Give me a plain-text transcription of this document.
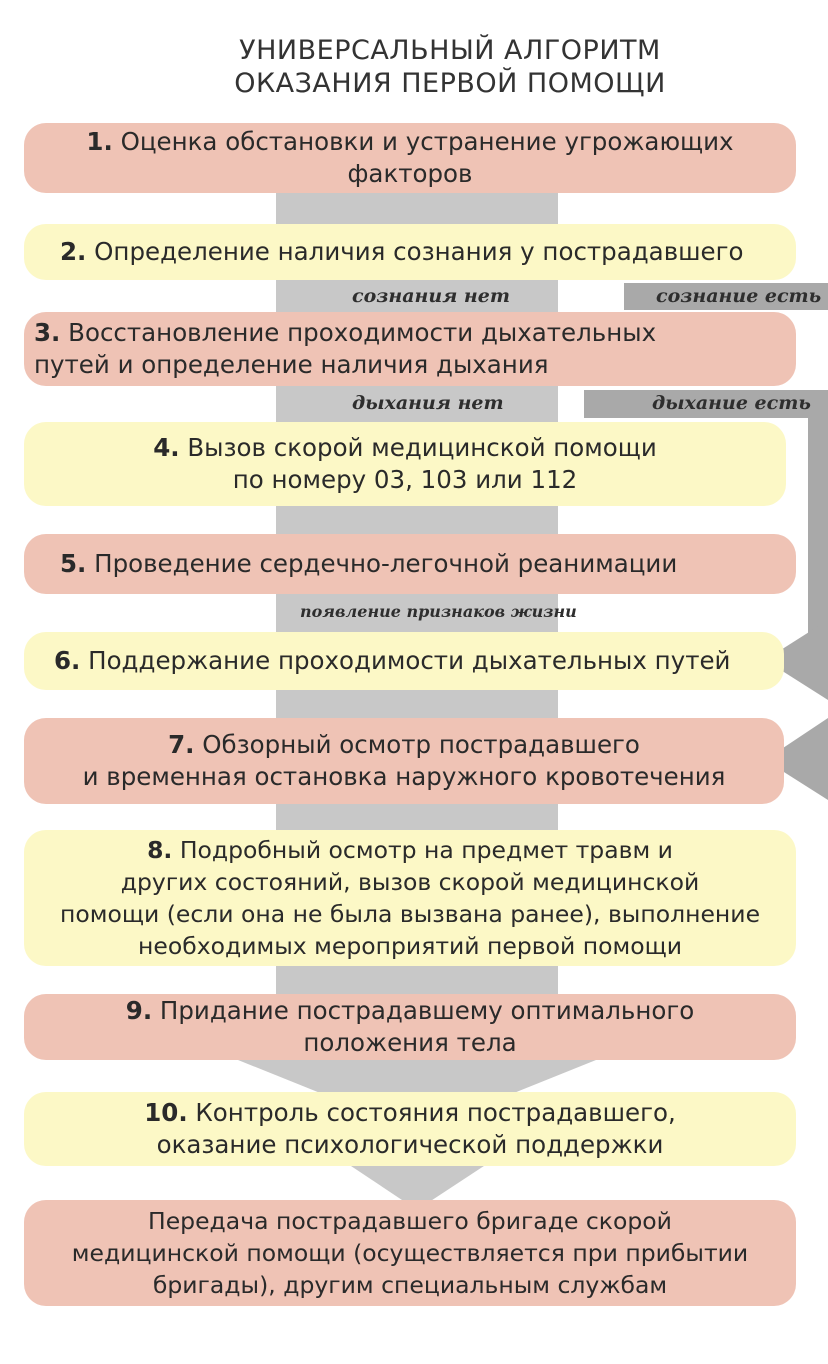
УНИВЕРСАЛЬНЫЙ АЛГОРИТМ
ОКАЗАНИЯ ПЕРВОЙ ПОМОЩИ
1. Оценка обстановки и устранение угрожающих
факторов
2. Определение наличия сознания у пострадавшего
сознания нет	сознание есть
3. Восстановление проходимости дыхательных
путей и определение наличия дыхания
дыхания нет	дыхание есть
4. Вызов скорой медицинской помощи
по номеру 03, 103 или 112
5. Проведение сердечно-легочной реанимации
появление признаков жизни
6. Поддержание проходимости дыхательных путей
7. Обзорный осмотр пострадавшего
и временная остановка наружного кровотечения
8. Подробный осмотр на предмет травм и
других состояний, вызов скорой медицинской
помощи (если она не была вызвана ранее), выполнение
необходимых мероприятий первой помощи
9. Придание пострадавшему оптимального
положения тела
10. Контроль состояния пострадавшего,
оказание психологической поддержки
Передача пострадавшего бригаде скорой
медицинской помощи (осуществляется при прибытии
бригады), другим специальным службам
